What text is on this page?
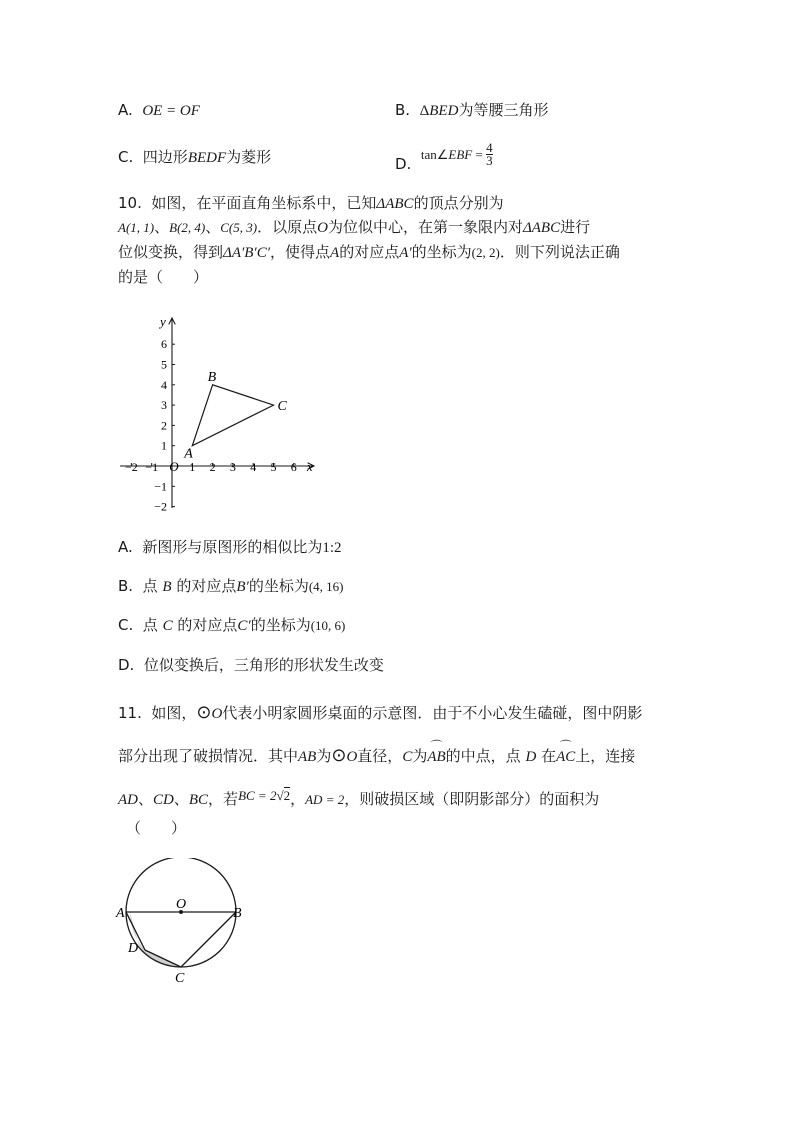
A. OE = OF	B. ΔBED为等腰三角形
C. 四边形BEDF为菱形	D.  tan∠EBF = $\frac{4}{3}$
10. 如图，在平面直角坐标系中，已知ΔABC的顶点分别为
A(1, 1)、B(2, 4)、C(5, 3)．以原点O为位似中心，在第一象限内对ΔABC进行
位似变换，得到ΔA′B′C′，使得点A的对应点A′的坐标为(2, 2)．则下列说法正确
的是（　　）
x
y
−2
−2
−1
−1
1
1
2
2
3
3
4
4
5
5
6
6
O
A
B
C
A. 新图形与原图形的相似比为1:2
B. 点 B 的对应点B′的坐标为(4, 16)
C. 点 C 的对应点C′的坐标为(10, 6)
D. 位似变换后，三角形的形状发生改变
11. 如图，⊙O代表小明家圆形桌面的示意图．由于不小心发生磕碰，图中阴影
部分出现了破损情况．其中AB为⊙O直径，C为⌒ AB的中点，点 D 在⌒ AC上，连接
AD、CD、BC，若BC = 2√2，AD = 2，则破损区域（即阴影部分）的面积为
（　　）
O
A	B
D
C
